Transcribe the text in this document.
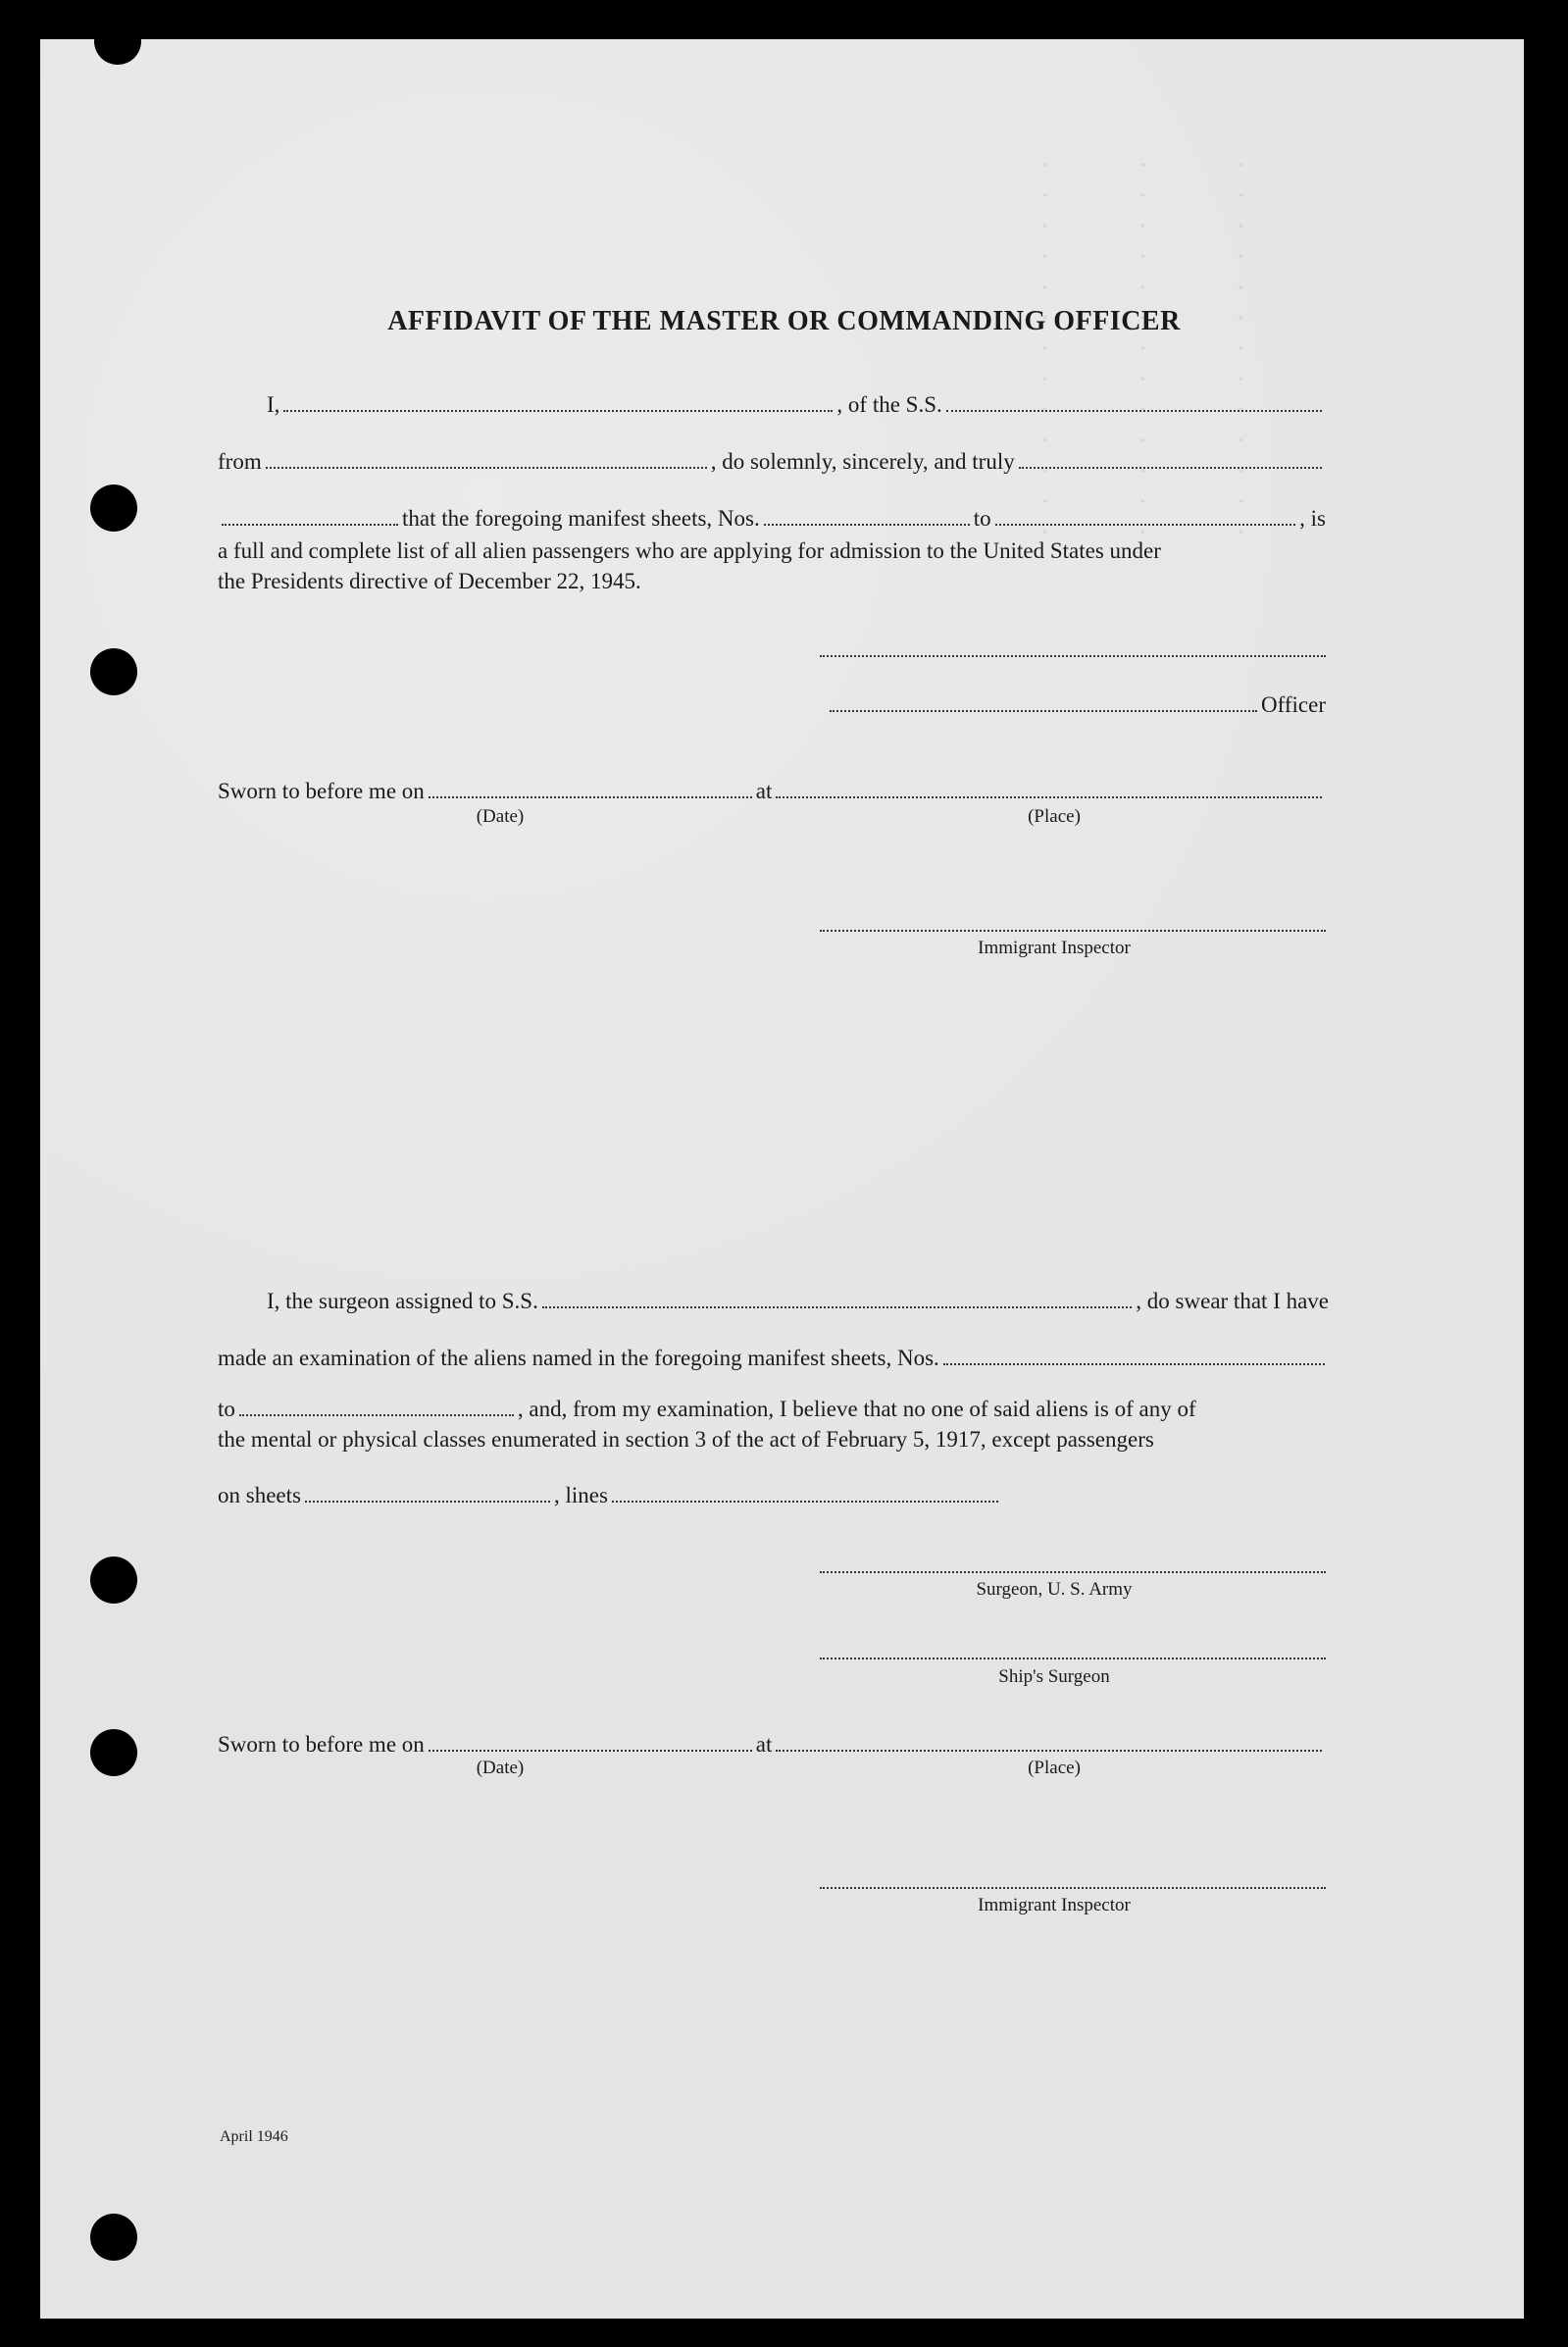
· · · · · · · · · · · · ·
· · · · · · · · · · · · ·
· · · · · · · · · · · · ·
AFFIDAVIT OF THE MASTER OR COMMANDING OFFICER
I,	, of the S.S.
from	, do solemnly, sincerely, and truly
that the foregoing manifest sheets, Nos.	to	, is
a full and complete list of all alien passengers who are applying for admission to the United States under
the Presidents directive of December 22, 1945.
Officer
Sworn to before me on	at
(Date)	(Place)
Immigrant Inspector
I, the surgeon assigned to S.S.	, do swear that I have
made an examination of the aliens named in the foregoing manifest sheets, Nos.
to	, and, from my examination, I believe that no one of said aliens is of any of
the mental or physical classes enumerated in section 3 of the act of February 5, 1917, except passengers
on sheets	, lines
Surgeon, U. S. Army
Ship's Surgeon
Sworn to before me on	at
(Date)	(Place)
Immigrant Inspector
April 1946
